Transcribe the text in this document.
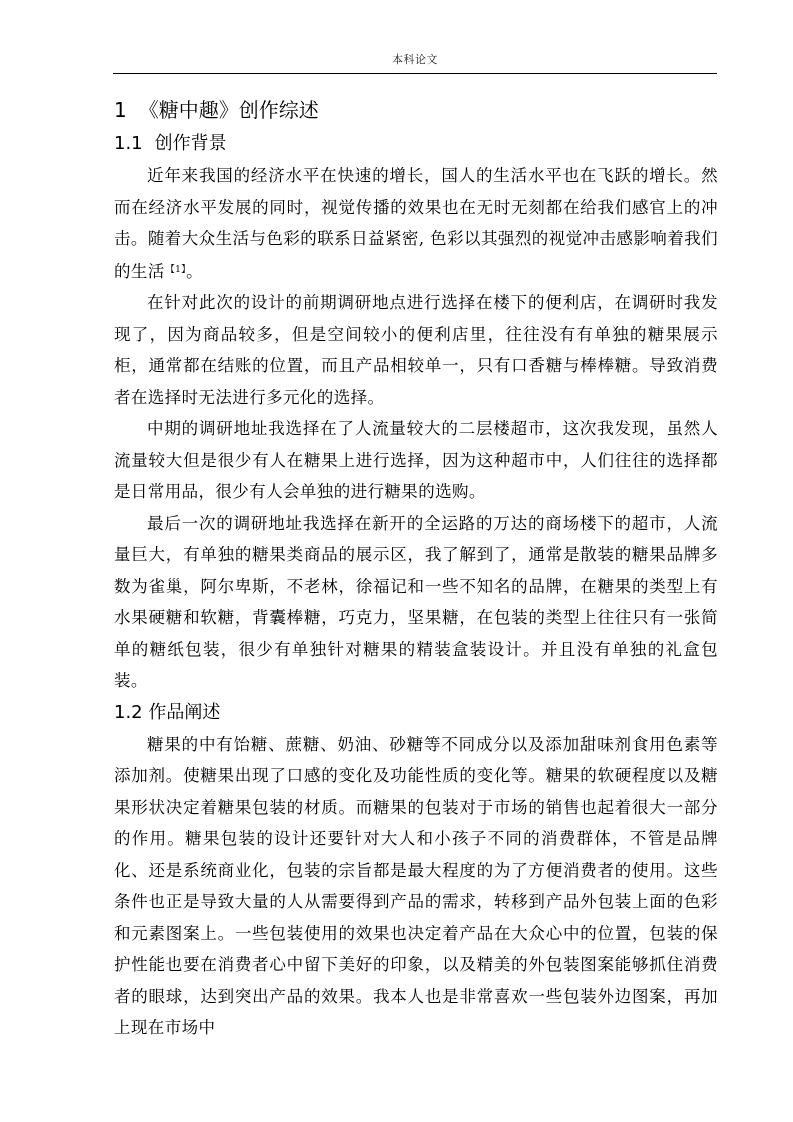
本科论文
1 《糖中趣》创作综述
1.1 创作背景

近年来我国的经济水平在快速的增长，国人的生活水平也在飞跃的增长。然而在经济水平发展的同时，视觉传播的效果也在无时无刻都在给我们感官上的冲击。随着大众生活与色彩的联系日益紧密, 色彩以其强烈的视觉冲击感影响着我们的生活$^{【1】}$。

在针对此次的设计的前期调研地点进行选择在楼下的便利店，在调研时我发现了，因为商品较多，但是空间较小的便利店里，往往没有有单独的糖果展示柜，通常都在结账的位置，而且产品相较单一，只有口香糖与棒棒糖。导致消费者在选择时无法进行多元化的选择。

中期的调研地址我选择在了人流量较大的二层楼超市，这次我发现，虽然人流量较大但是很少有人在糖果上进行选择，因为这种超市中，人们往往的选择都是日常用品，很少有人会单独的进行糖果的选购。

最后一次的调研地址我选择在新开的全运路的万达的商场楼下的超市，人流量巨大，有单独的糖果类商品的展示区，我了解到了，通常是散装的糖果品牌多数为雀巢，阿尔卑斯，不老林，徐福记和一些不知名的品牌，在糖果的类型上有水果硬糖和软糖，背囊棒糖，巧克力，坚果糖，在包装的类型上往往只有一张简单的糖纸包装，很少有单独针对糖果的精装盒装设计。并且没有单独的礼盒包装。

1.2 作品阐述

糖果的中有饴糖、蔗糖、奶油、砂糖等不同成分以及添加甜味剂食用色素等添加剂。使糖果出现了口感的变化及功能性质的变化等。糖果的软硬程度以及糖果形状决定着糖果包装的材质。而糖果的包装对于市场的销售也起着很大一部分的作用。糖果包装的设计还要针对大人和小孩子不同的消费群体，不管是品牌化、还是系统商业化，包装的宗旨都是最大程度的为了方便消费者的使用。这些条件也正是导致大量的人从需要得到产品的需求，转移到产品外包装上面的色彩和元素图案上。一些包装使用的效果也决定着产品在大众心中的位置，包装的保护性能也要在消费者心中留下美好的印象，以及精美的外包装图案能够抓住消费者的眼球，达到突出产品的效果。我本人也是非常喜欢一些包装外边图案，再加上现在市场中
